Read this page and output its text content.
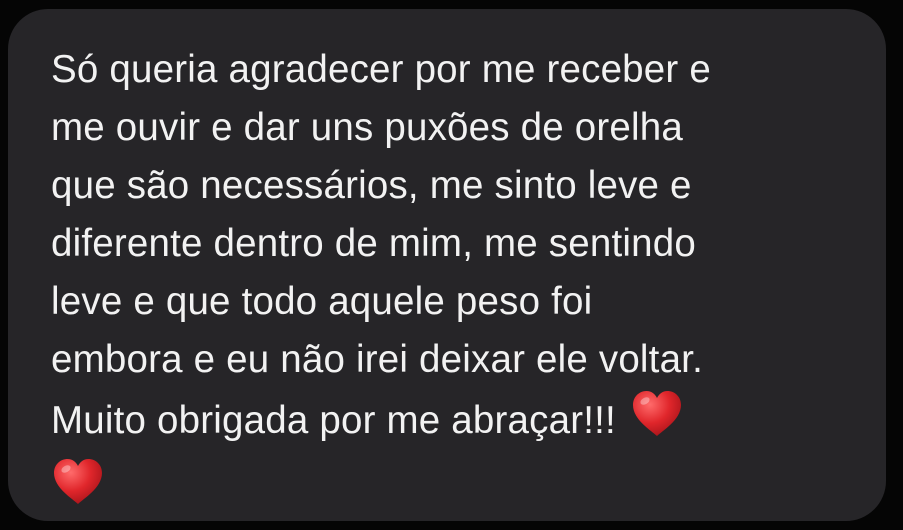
Só queria agradecer por me receber e
me ouvir e dar uns puxões de orelha
que são necessários, me sinto leve e
diferente dentro de mim, me sentindo
leve e que todo aquele peso foi
embora e eu não irei deixar ele voltar.
Muito obrigada por me abraçar!!!
